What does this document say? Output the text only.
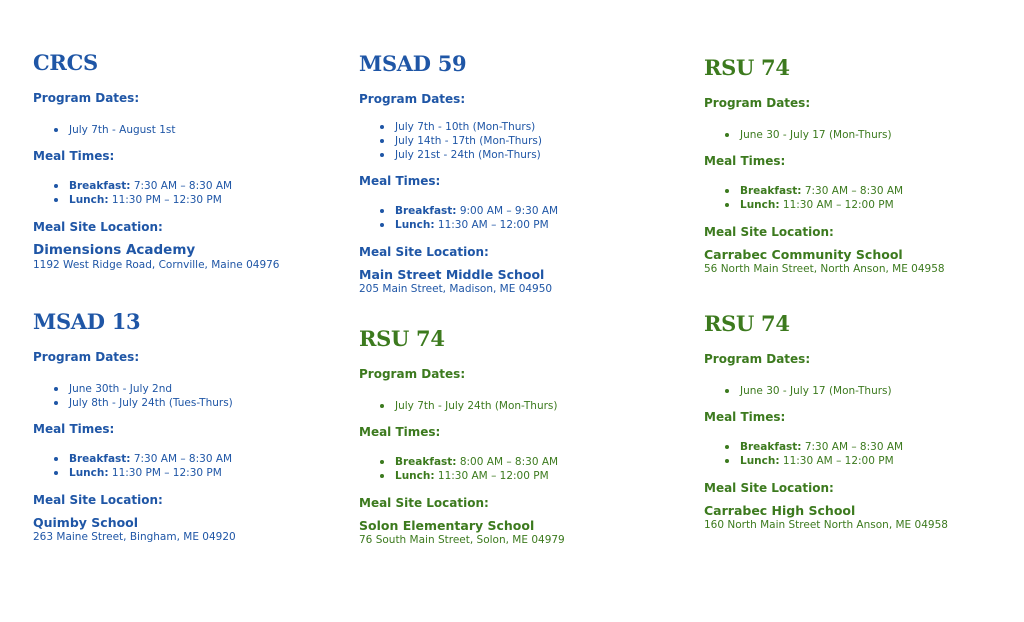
CRCS
Program Dates:
July 7th - August 1st
Meal Times:
Breakfast: 7:30 AM – 8:30 AM
Lunch: 11:30 PM – 12:30 PM
Meal Site Location:
Dimensions Academy
1192 West Ridge Road, Cornville, Maine 04976
MSAD 13
Program Dates:
June 30th - July 2nd
July 8th - July 24th (Tues-Thurs)
Meal Times:
Breakfast: 7:30 AM – 8:30 AM
Lunch: 11:30 PM – 12:30 PM
Meal Site Location:
Quimby School
263 Maine Street, Bingham, ME 04920
MSAD 59
Program Dates:
July 7th - 10th (Mon-Thurs)
July 14th - 17th (Mon-Thurs)
July 21st - 24th (Mon-Thurs)
Meal Times:
Breakfast: 9:00 AM – 9:30 AM
Lunch: 11:30 AM – 12:00 PM
Meal Site Location:
Main Street Middle School
205 Main Street, Madison, ME 04950
RSU 74
Program Dates:
July 7th - July 24th (Mon-Thurs)
Meal Times:
Breakfast: 8:00 AM – 8:30 AM
Lunch: 11:30 AM – 12:00 PM
Meal Site Location:
Solon Elementary School
76 South Main Street, Solon, ME 04979
RSU 74
Program Dates:
June 30 - July 17 (Mon-Thurs)
Meal Times:
Breakfast: 7:30 AM – 8:30 AM
Lunch: 11:30 AM – 12:00 PM
Meal Site Location:
Carrabec Community School
56 North Main Street, North Anson, ME 04958
RSU 74
Program Dates:
June 30 - July 17 (Mon-Thurs)
Meal Times:
Breakfast: 7:30 AM – 8:30 AM
Lunch: 11:30 AM – 12:00 PM
Meal Site Location:
Carrabec High School
160 North Main Street North Anson, ME 04958
